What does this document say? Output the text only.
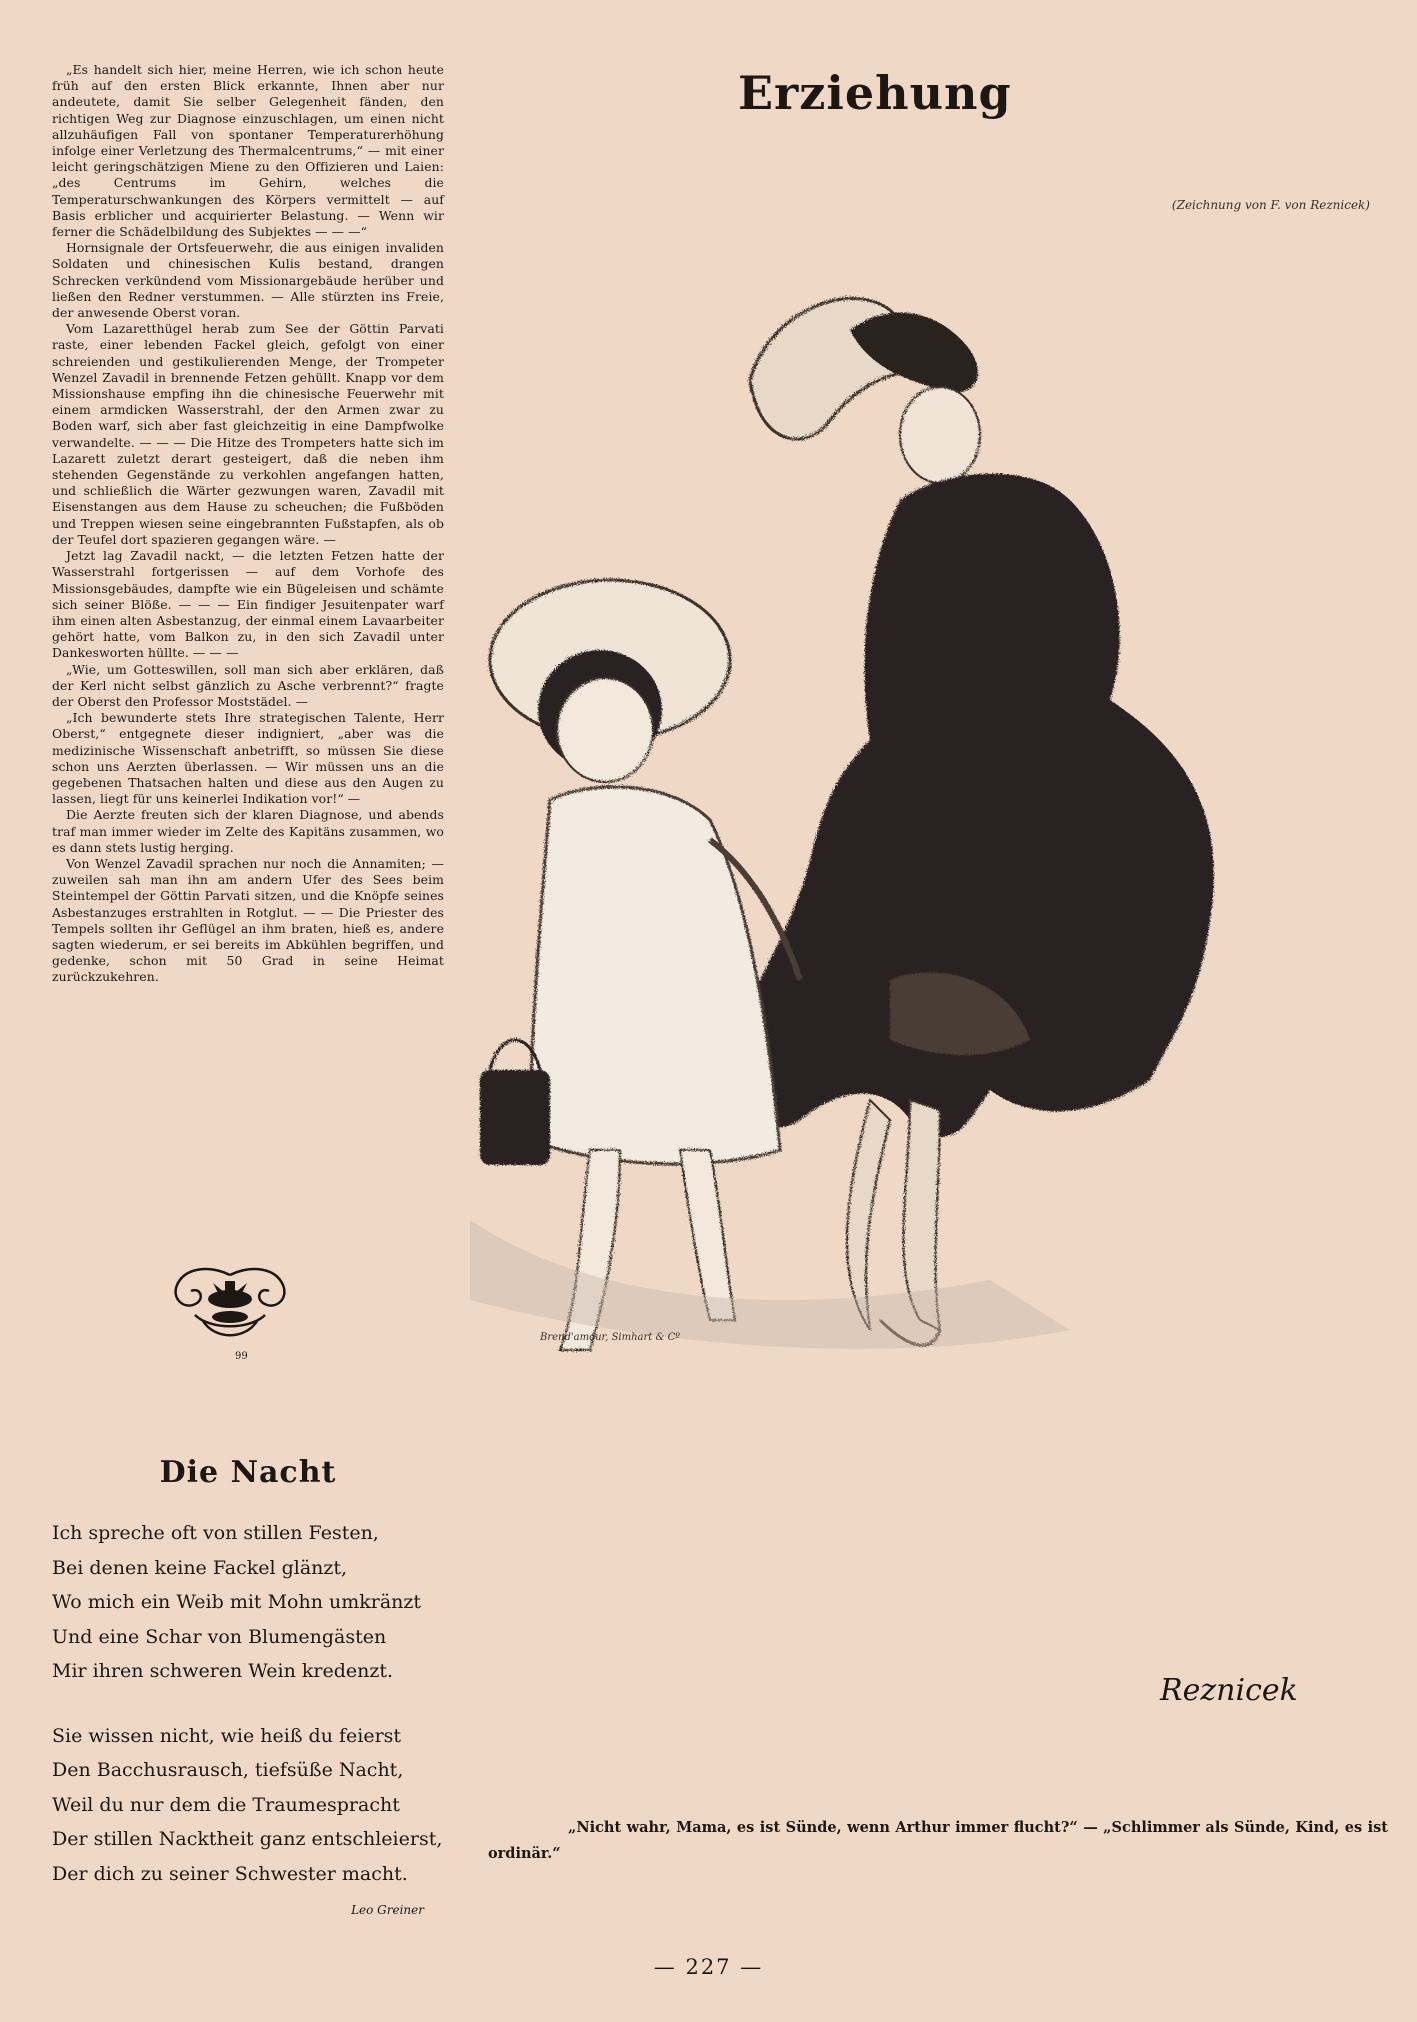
„Es handelt sich hier, meine Herren, wie ich schon heute früh auf den ersten Blick erkannte, Ihnen aber nur andeutete, damit Sie selber Gelegenheit fänden, den richtigen Weg zur Diagnose einzuschlagen, um einen nicht allzuhäufigen Fall von spontaner Temperaturerhöhung infolge einer Verletzung des Thermalcentrums,“ — mit einer leicht geringschätzigen Miene zu den Offizieren und Laien: „des Centrums im Gehirn, welches die Temperaturschwankungen des Körpers vermittelt — auf Basis erblicher und acquirierter Belastung. — Wenn wir ferner die Schädelbildung des Subjektes — — —“

Hornsignale der Ortsfeuerwehr, die aus einigen invaliden Soldaten und chinesischen Kulis bestand, drangen Schrecken verkündend vom Missionargebäude herüber und ließen den Redner verstummen. — Alle stürzten ins Freie, der anwesende Oberst voran.

Vom Lazaretthügel herab zum See der Göttin Parvati raste, einer lebenden Fackel gleich, gefolgt von einer schreienden und gestikulierenden Menge, der Trompeter Wenzel Zavadil in brennende Fetzen gehüllt. Knapp vor dem Missionshause empfing ihn die chinesische Feuerwehr mit einem armdicken Wasserstrahl, der den Armen zwar zu Boden warf, sich aber fast gleichzeitig in eine Dampfwolke verwandelte. — — — Die Hitze des Trompeters hatte sich im Lazarett zuletzt derart gesteigert, daß die neben ihm stehenden Gegenstände zu verkohlen angefangen hatten, und schließlich die Wärter gezwungen waren, Zavadil mit Eisenstangen aus dem Hause zu scheuchen; die Fußböden und Treppen wiesen seine eingebrannten Fußstapfen, als ob der Teufel dort spazieren gegangen wäre. —

Jetzt lag Zavadil nackt, — die letzten Fetzen hatte der Wasserstrahl fortgerissen — auf dem Vorhofe des Missionsgebäudes, dampfte wie ein Bügeleisen und schämte sich seiner Blöße. — — — Ein findiger Jesuitenpater warf ihm einen alten Asbestanzug, der einmal einem Lavaarbeiter gehört hatte, vom Balkon zu, in den sich Zavadil unter Dankesworten hüllte. — — —

„Wie, um Gotteswillen, soll man sich aber erklären, daß der Kerl nicht selbst gänzlich zu Asche verbrennt?“ fragte der Oberst den Professor Moststädel. —

„Ich bewunderte stets Ihre strategischen Talente, Herr Oberst,“ entgegnete dieser indigniert, „aber was die medizinische Wissenschaft anbetrifft, so müssen Sie diese schon uns Aerzten überlassen. — Wir müssen uns an die gegebenen Thatsachen halten und diese aus den Augen zu lassen, liegt für uns keinerlei Indikation vor!“ —

Die Aerzte freuten sich der klaren Diagnose, und abends traf man immer wieder im Zelte des Kapitäns zusammen, wo es dann stets lustig herging.

Von Wenzel Zavadil sprachen nur noch die Annamiten; — zuweilen sah man ihn am andern Ufer des Sees beim Steintempel der Göttin Parvati sitzen, und die Knöpfe seines Asbestanzuges erstrahlten in Rotglut. — — Die Priester des Tempels sollten ihr Geflügel an ihm braten, hieß es, andere sagten wiederum, er sei bereits im Abkühlen begriffen, und gedenke, schon mit 50 Grad in seine Heimat zurückzukehren.

99
Die Nacht
Ich spreche oft von stillen Festen,
Bei denen keine Fackel glänzt,
Wo mich ein Weib mit Mohn umkränzt
Und eine Schar von Blumengästen
Mir ihren schweren Wein kredenzt.
Sie wissen nicht, wie heiß du feierst
Den Bacchusrausch, tiefsüße Nacht,
Weil du nur dem die Traumespracht
Der stillen Nacktheit ganz entschleierst,
Der dich zu seiner Schwester macht.
Leo Greiner
Erziehung
(Zeichnung von F. von Reznicek)
Brend'amour, Simhart & Cº
Reznicek
„Nicht wahr, Mama, es ist Sünde, wenn Arthur immer flucht?“ — „Schlimmer als Sünde, Kind, es ist ordinär.“
— 227 —
